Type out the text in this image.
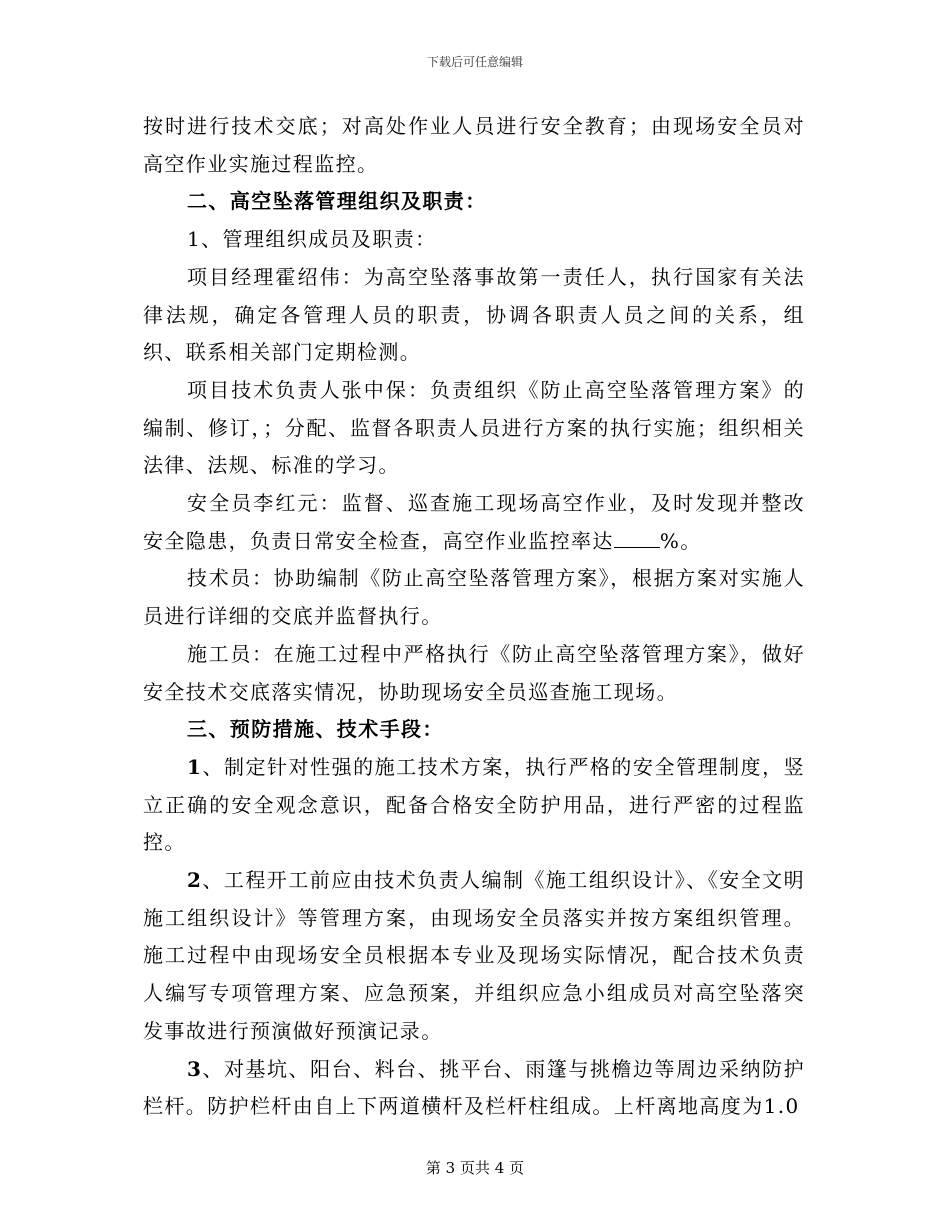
下载后可任意编辑

按时进行技术交底；对高处作业人员进行安全教育；由现场安全员对高空作业实施过程监控。

二、高空坠落管理组织及职责：

1、管理组织成员及职责：

项目经理霍绍伟：为高空坠落事故第一责任人，执行国家有关法律法规，确定各管理人员的职责，协调各职责人员之间的关系，组织、联系相关部门定期检测。

项目技术负责人张中保：负责组织《防止高空坠落管理方案》的编制、修订，；分配、监督各职责人员进行方案的执行实施；组织相关法律、法规、标准的学习。

安全员李红元：监督、巡查施工现场高空作业，及时发现并整改安全隐患，负责日常安全检查，高空作业监控率达 %。

技术员：协助编制《防止高空坠落管理方案》，根据方案对实施人员进行详细的交底并监督执行。

施工员：在施工过程中严格执行《防止高空坠落管理方案》，做好安全技术交底落实情况，协助现场安全员巡查施工现场。

三、预防措施、技术手段：

1、制定针对性强的施工技术方案，执行严格的安全管理制度，竖立正确的安全观念意识，配备合格安全防护用品，进行严密的过程监控。

2、工程开工前应由技术负责人编制《施工组织设计》、《安全文明施工组织设计》等管理方案，由现场安全员落实并按方案组织管理。施工过程中由现场安全员根据本专业及现场实际情况，配合技术负责人编写专项管理方案、应急预案，并组织应急小组成员对高空坠落突发事故进行预演做好预演记录。

3、对基坑、阳台、料台、挑平台、雨篷与挑檐边等周边采纳防护栏杆。防护栏杆由自上下两道横杆及栏杆柱组成。上杆离地高度为1.0

第 3 页共 4 页
